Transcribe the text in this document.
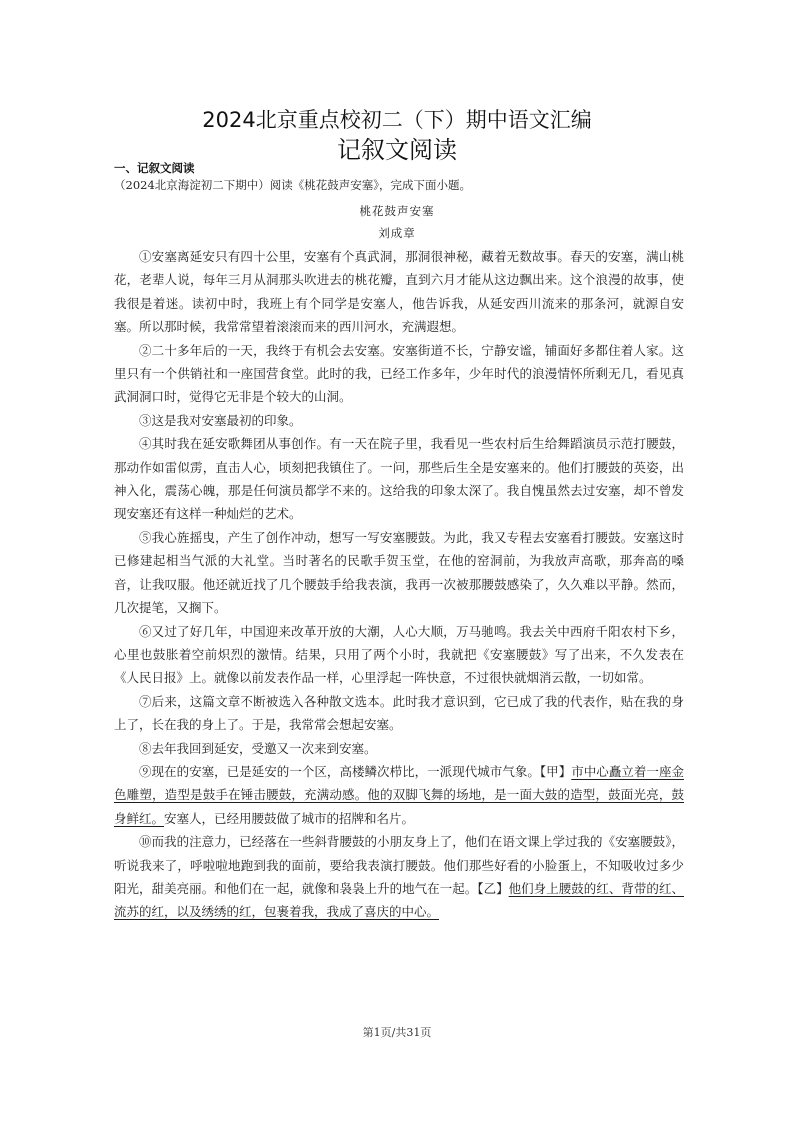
2024北京重点校初二（下）期中语文汇编
记叙文阅读
一、记叙文阅读
（2024北京海淀初二下期中）阅读《桃花鼓声安塞》，完成下面小题。
桃花鼓声安塞
刘成章

①安塞离延安只有四十公里，安塞有个真武洞，那洞很神秘，藏着无数故事。春天的安塞，满山桃花，老辈人说，每年三月从洞那头吹进去的桃花瓣，直到六月才能从这边飘出来。这个浪漫的故事，使我很是着迷。读初中时，我班上有个同学是安塞人，他告诉我，从延安西川流来的那条河，就源自安塞。所以那时候，我常常望着滚滚而来的西川河水，充满遐想。

②二十多年后的一天，我终于有机会去安塞。安塞街道不长，宁静安谧，铺面好多都住着人家。这里只有一个供销社和一座国营食堂。此时的我，已经工作多年，少年时代的浪漫情怀所剩无几，看见真武洞洞口时，觉得它无非是个较大的山洞。

③这是我对安塞最初的印象。

④其时我在延安歌舞团从事创作。有一天在院子里，我看见一些农村后生给舞蹈演员示范打腰鼓，那动作如雷似雳，直击人心，顷刻把我镇住了。一问，那些后生全是安塞来的。他们打腰鼓的英姿，出神入化，震荡心魄，那是任何演员都学不来的。这给我的印象太深了。我自愧虽然去过安塞，却不曾发现安塞还有这样一种灿烂的艺术。

⑤我心旌摇曳，产生了创作冲动，想写一写安塞腰鼓。为此，我又专程去安塞看打腰鼓。安塞这时已修建起相当气派的大礼堂。当时著名的民歌手贺玉堂，在他的窑洞前，为我放声高歌，那奔高的嗓音，让我叹服。他还就近找了几个腰鼓手给我表演，我再一次被那腰鼓感染了，久久难以平静。然而，几次提笔，又搁下。

⑥又过了好几年，中国迎来改革开放的大潮，人心大顺，万马驰鸣。我去关中西府千阳农村下乡，心里也鼓胀着空前炽烈的激情。结果，只用了两个小时，我就把《安塞腰鼓》写了出来，不久发表在《人民日报》上。就像以前发表作品一样，心里浮起一阵快意，不过很快就烟消云散，一切如常。

⑦后来，这篇文章不断被选入各种散文选本。此时我才意识到，它已成了我的代表作，贴在我的身上了，长在我的身上了。于是，我常常会想起安塞。

⑧去年我回到延安，受邀又一次来到安塞。

⑨现在的安塞，已是延安的一个区，高楼鳞次栉比，一派现代城市气象。【甲】市中心矗立着一座金色雕塑，造型是鼓手在锤击腰鼓，充满动感。他的双脚飞舞的场地，是一面大鼓的造型，鼓面光亮，鼓身鲜红。安塞人，已经用腰鼓做了城市的招牌和名片。

⑩而我的注意力，已经落在一些斜背腰鼓的小朋友身上了，他们在语文课上学过我的《安塞腰鼓》，听说我来了，呼啦啦地跑到我的面前，要给我表演打腰鼓。他们那些好看的小脸蛋上，不知吸收过多少阳光，甜美亮丽。和他们在一起，就像和袅袅上升的地气在一起。【乙】他们身上腰鼓的红、背带的红、流苏的红，以及绣绣的红，包裹着我，我成了喜庆的中心。

第1页/共31页
